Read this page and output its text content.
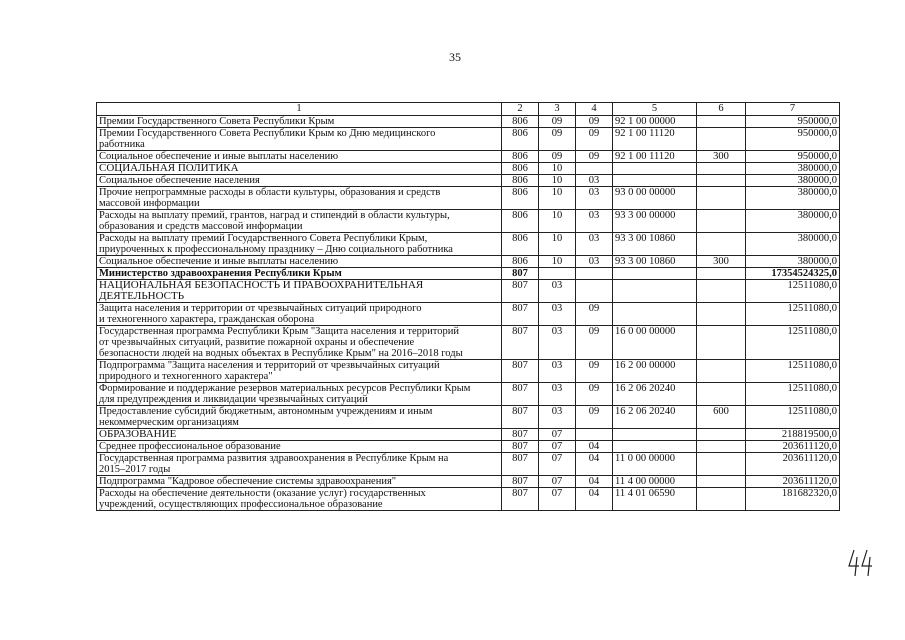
35
1	2	3	4	5	6	7

Премии Государственного Совета Республики Крым	806	09	09	92 1 00 00000		950000,0

Премии Государственного Совета Республики Крым ко Дню медицинского
работника	806	09	09	92 1 00 11120		950000,0

Социальное обеспечение и иные выплаты населению	806	09	09	92 1 00 11120	300	950000,0

СОЦИАЛЬНАЯ ПОЛИТИКА	806	10				380000,0

Социальное обеспечение населения	806	10	03			380000,0

Прочие непрограммные расходы в области культуры, образования и средств
массовой информации	806	10	03	93 0 00 00000		380000,0

Расходы на выплату премий, грантов, наград и стипендий в области культуры,
образования и средств массовой информации	806	10	03	93 3 00 00000		380000,0

Расходы на выплату премий Государственного Совета Республики Крым,
приуроченных к профессиональному празднику – Дню социального работника	806	10	03	93 3 00 10860		380000,0

Социальное обеспечение и иные выплаты населению	806	10	03	93 3 00 10860	300	380000,0

Министерство здравоохранения Республики Крым	807					17354524325,0

НАЦИОНАЛЬНАЯ БЕЗОПАСНОСТЬ И ПРАВООХРАНИТЕЛЬНАЯ
ДЕЯТЕЛЬНОСТЬ	807	03				12511080,0

Защита населения и территории от чрезвычайных ситуаций природного
и техногенного характера, гражданская оборона	807	03	09			12511080,0

Государственная программа Республики Крым "Защита населения и территорий
от чрезвычайных ситуаций, развитие пожарной охраны и обеспечение
безопасности людей на водных объектах в Республике Крым" на 2016–2018 годы	807	03	09	16 0 00 00000		12511080,0

Подпрограмма "Защита населения и территорий от чрезвычайных ситуаций
природного и техногенного характера"	807	03	09	16 2 00 00000		12511080,0

Формирование и поддержание резервов материальных ресурсов Республики Крым
для предупреждения и ликвидации чрезвычайных ситуаций	807	03	09	16 2 06 20240		12511080,0

Предоставление субсидий бюджетным, автономным учреждениям и иным
некоммерческим организациям	807	03	09	16 2 06 20240	600	12511080,0

ОБРАЗОВАНИЕ	807	07				218819500,0

Среднее профессиональное образование	807	07	04			203611120,0

Государственная программа развития здравоохранения в Республике Крым на
2015–2017 годы	807	07	04	11 0 00 00000		203611120,0

Подпрограмма "Кадровое обеспечение системы здравоохранения"	807	07	04	11 4 00 00000		203611120,0

Расходы на обеспечение деятельности (оказание услуг) государственных
учреждений, осуществляющих профессиональное образование	807	07	04	11 4 01 06590		181682320,0
